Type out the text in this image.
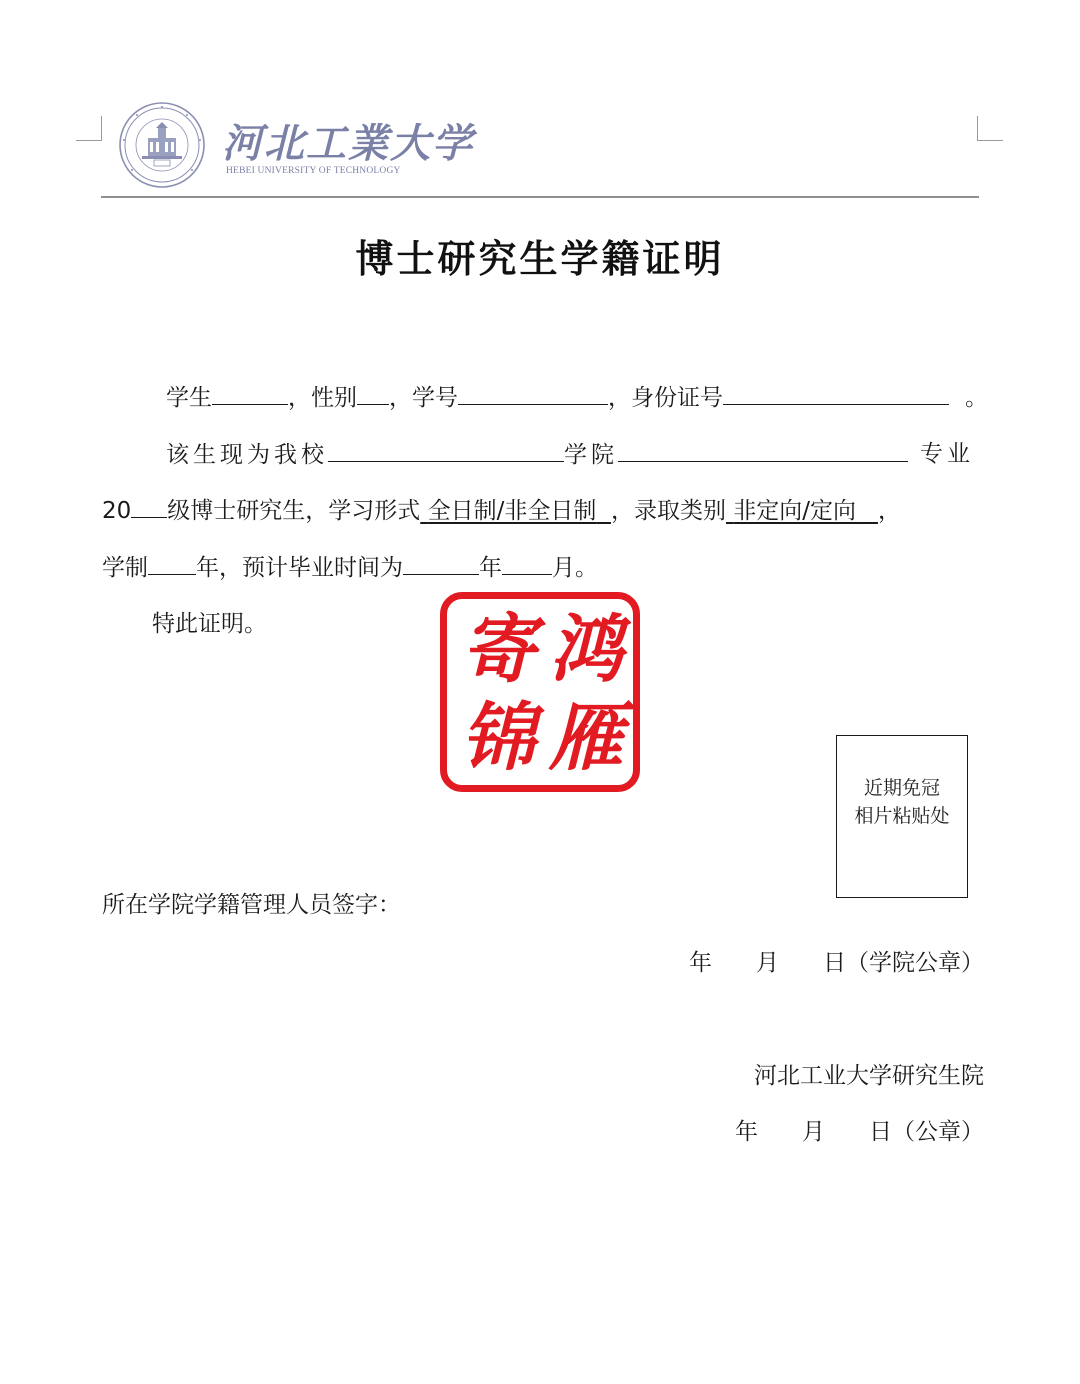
河北工業大学
HEBEI UNIVERSITY OF TECHNOLOGY
博士研究生学籍证明
学生	，性别 ，学号	，身份证号	。
该生现为我校	学院	专业
20 级博士研究生，学习形式 全日制/非全日制 ，录取类别 非定向/定向 ，
学制 年，预计毕业时间为	年 月。
特此证明。	寄 鸿
锦 雁
近期免冠
相片粘贴处
所在学院学籍管理人员签字：
年 月 日（学院公章）
河北工业大学研究生院
年 月 日（公章）
